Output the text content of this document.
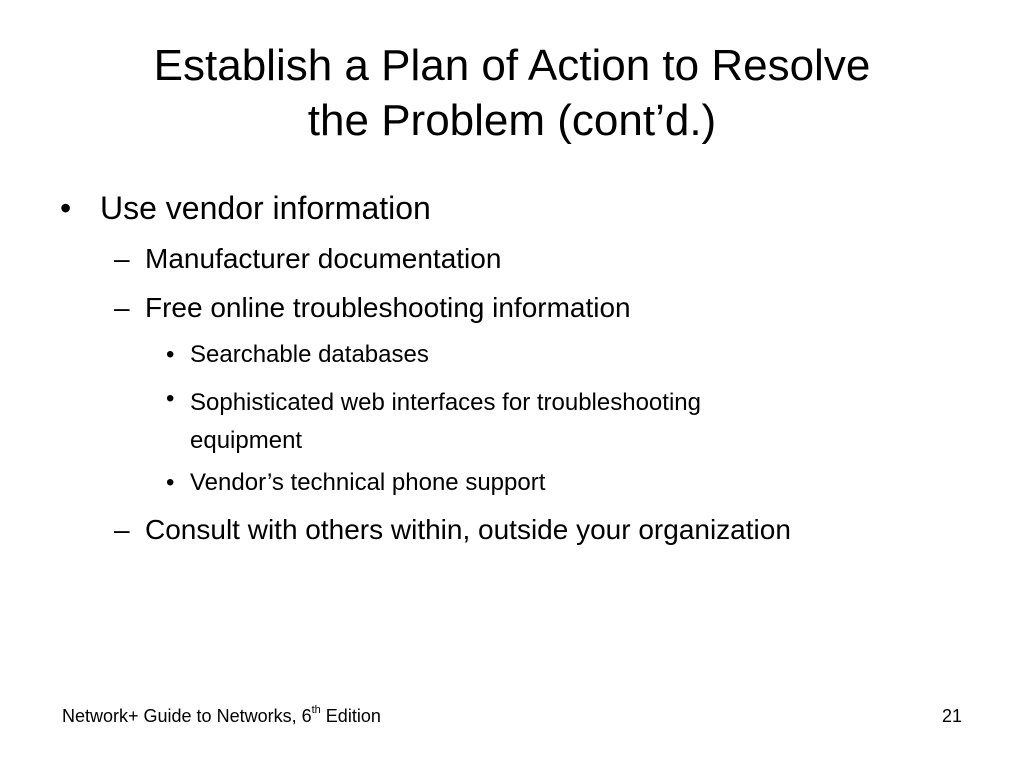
Establish a Plan of Action to Resolve
the Problem (cont’d.)
• Use vendor information
– Manufacturer documentation
– Free online troubleshooting information
• Searchable databases
• Sophisticated web interfaces for troubleshooting
equipment
• Vendor’s technical phone support
– Consult with others within, outside your organization
Network+ Guide to Networks, 6th Edition	21
